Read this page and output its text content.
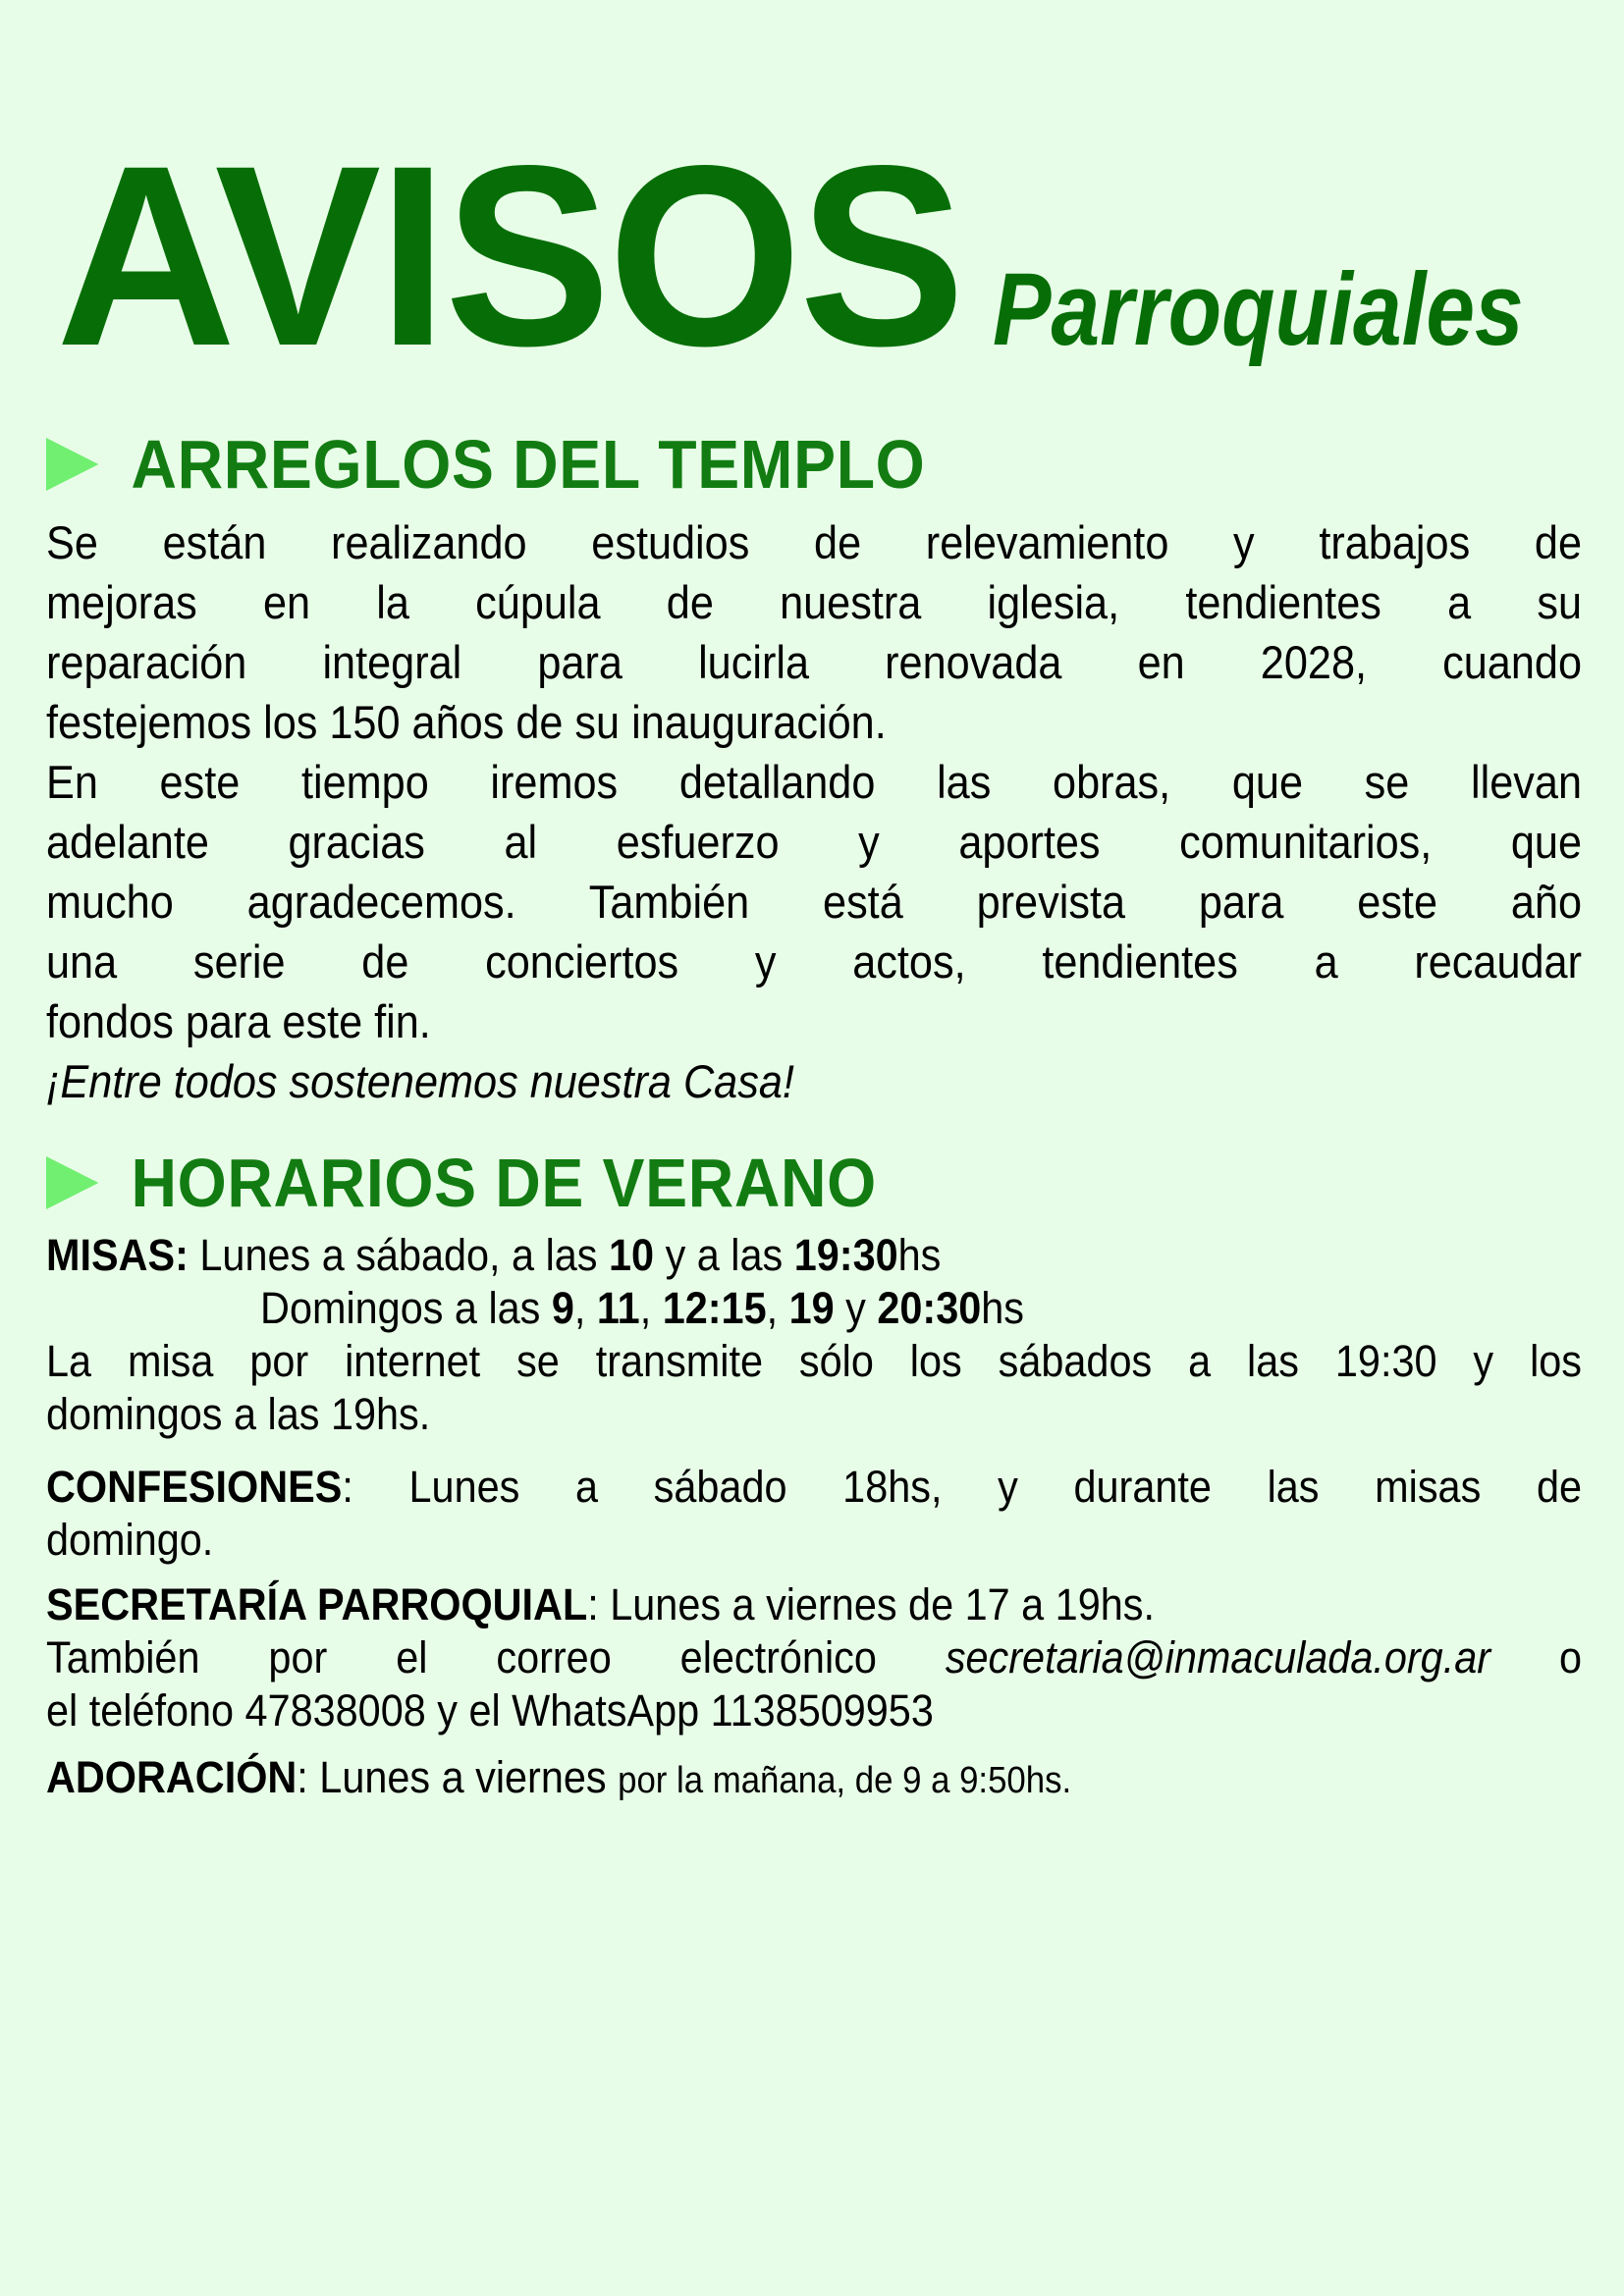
AVISOS Parroquiales
ARREGLOS DEL TEMPLO
Se están realizando estudios de relevamiento y trabajos de
mejoras en la cúpula de nuestra iglesia, tendientes a su
reparación integral para lucirla renovada en 2028, cuando
festejemos los 150 años de su inauguración.
En este tiempo iremos detallando las obras, que se llevan
adelante gracias al esfuerzo y aportes comunitarios, que
mucho agradecemos. También está prevista para este año
una serie de conciertos y actos, tendientes a recaudar
fondos para este fin.
¡Entre todos sostenemos nuestra Casa!
HORARIOS DE VERANO
MISAS: Lunes a sábado, a las 10 y a las 19:30hs
Domingos a las 9, 11, 12:15, 19 y 20:30hs
La misa por internet se transmite sólo los sábados a las 19:30 y los
domingos a las 19hs.
CONFESIONES: Lunes a sábado 18hs, y durante las misas de
domingo.
SECRETARÍA PARROQUIAL: Lunes a viernes de 17 a 19hs.
También por el correo electrónico secretaria@inmaculada.org.ar o
el teléfono 47838008 y el WhatsApp 1138509953
ADORACIÓN: Lunes a viernes por la mañana, de 9 a 9:50hs.
